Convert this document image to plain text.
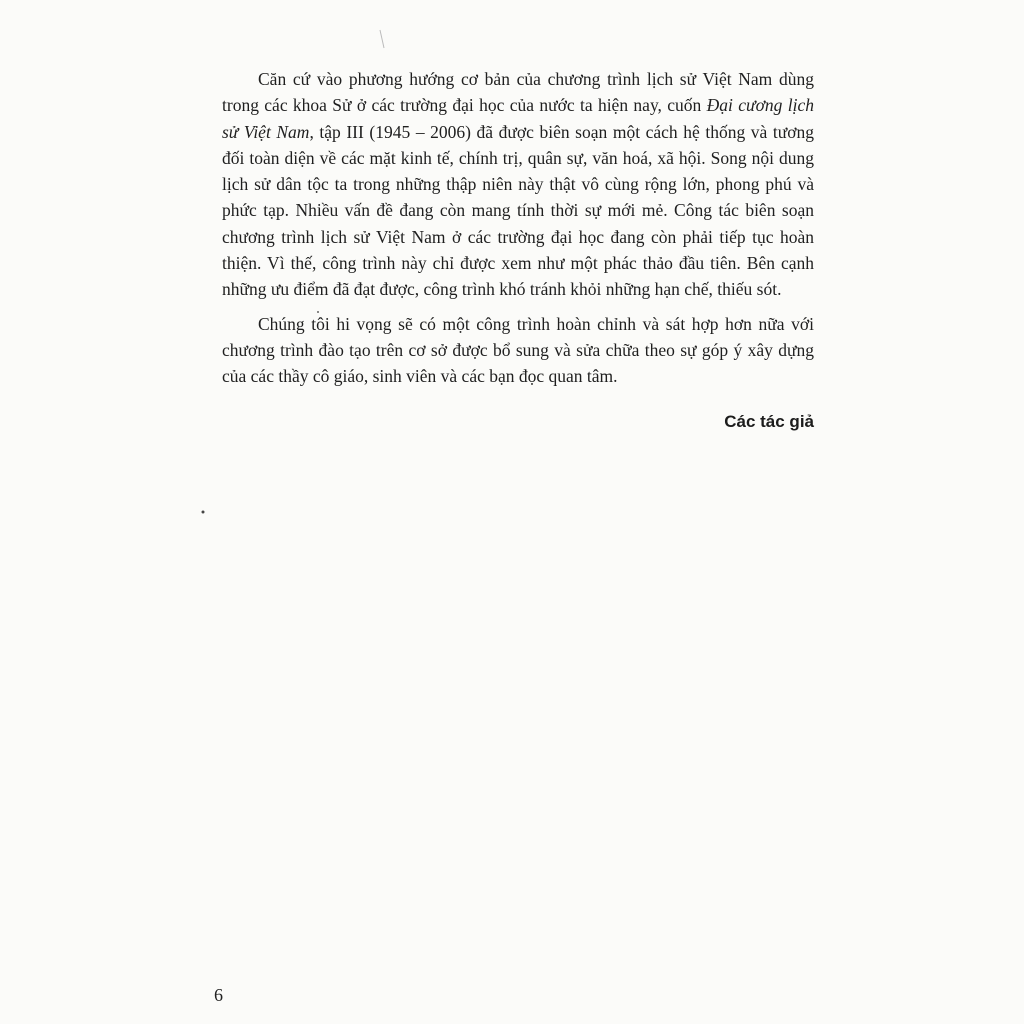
Căn cứ vào phương hướng cơ bản của chương trình lịch sử Việt Nam dùng trong các khoa Sử ở các trường đại học của nước ta hiện nay, cuốn Đại cương lịch sử Việt Nam, tập III (1945 – 2006) đã được biên soạn một cách hệ thống và tương đối toàn diện về các mặt kinh tế, chính trị, quân sự, văn hoá, xã hội. Song nội dung lịch sử dân tộc ta trong những thập niên này thật vô cùng rộng lớn, phong phú và phức tạp. Nhiều vấn đề đang còn mang tính thời sự mới mẻ. Công tác biên soạn chương trình lịch sử Việt Nam ở các trường đại học đang còn phải tiếp tục hoàn thiện. Vì thế, công trình này chỉ được xem như một phác thảo đầu tiên. Bên cạnh những ưu điểm đã đạt được, công trình khó tránh khỏi những hạn chế, thiếu sót.

Chúng tôi hi vọng sẽ có một công trình hoàn chỉnh và sát hợp hơn nữa với chương trình đào tạo trên cơ sở được bổ sung và sửa chữa theo sự góp ý xây dựng của các thầy cô giáo, sinh viên và các bạn đọc quan tâm.

Các tác giả
6
